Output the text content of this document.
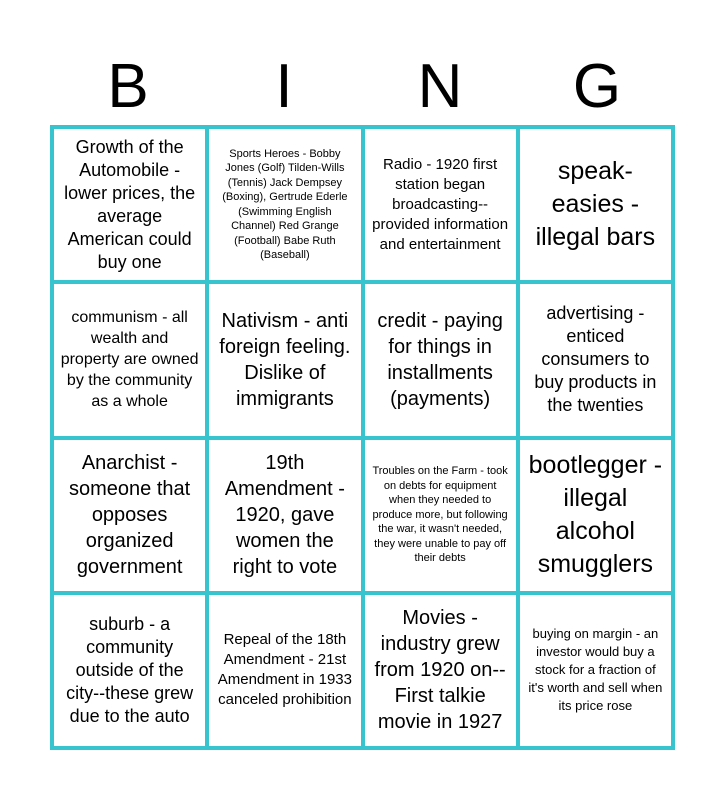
B	I	N	G
Growth of the Automobile - lower prices, the average American could buy one
Sports Heroes - Bobby Jones (Golf) Tilden-Wills (Tennis) Jack Dempsey (Boxing), Gertrude Ederle (Swimming English Channel) Red Grange (Football) Babe Ruth (Baseball)
Radio - 1920 first station began broadcasting--provided information and entertainment
speak-easies - illegal bars
communism - all wealth and property are owned by the community as a whole
Nativism - anti foreign feeling. Dislike of immigrants
credit - paying for things in installments (payments)
advertising - enticed consumers to buy products in the twenties
Anarchist - someone that opposes organized government
19th Amendment - 1920, gave women the right to vote
Troubles on the Farm - took on debts for equipment when they needed to produce more, but following the war, it wasn't needed, they were unable to pay off their debts
bootlegger - illegal alcohol smugglers
suburb - a community outside of the city--these grew due to the auto
Repeal of the 18th Amendment - 21st Amendment in 1933 canceled prohibition
Movies - industry grew from 1920 on--First talkie movie in 1927
buying on margin - an investor would buy a stock for a fraction of it's worth and sell when its price rose
